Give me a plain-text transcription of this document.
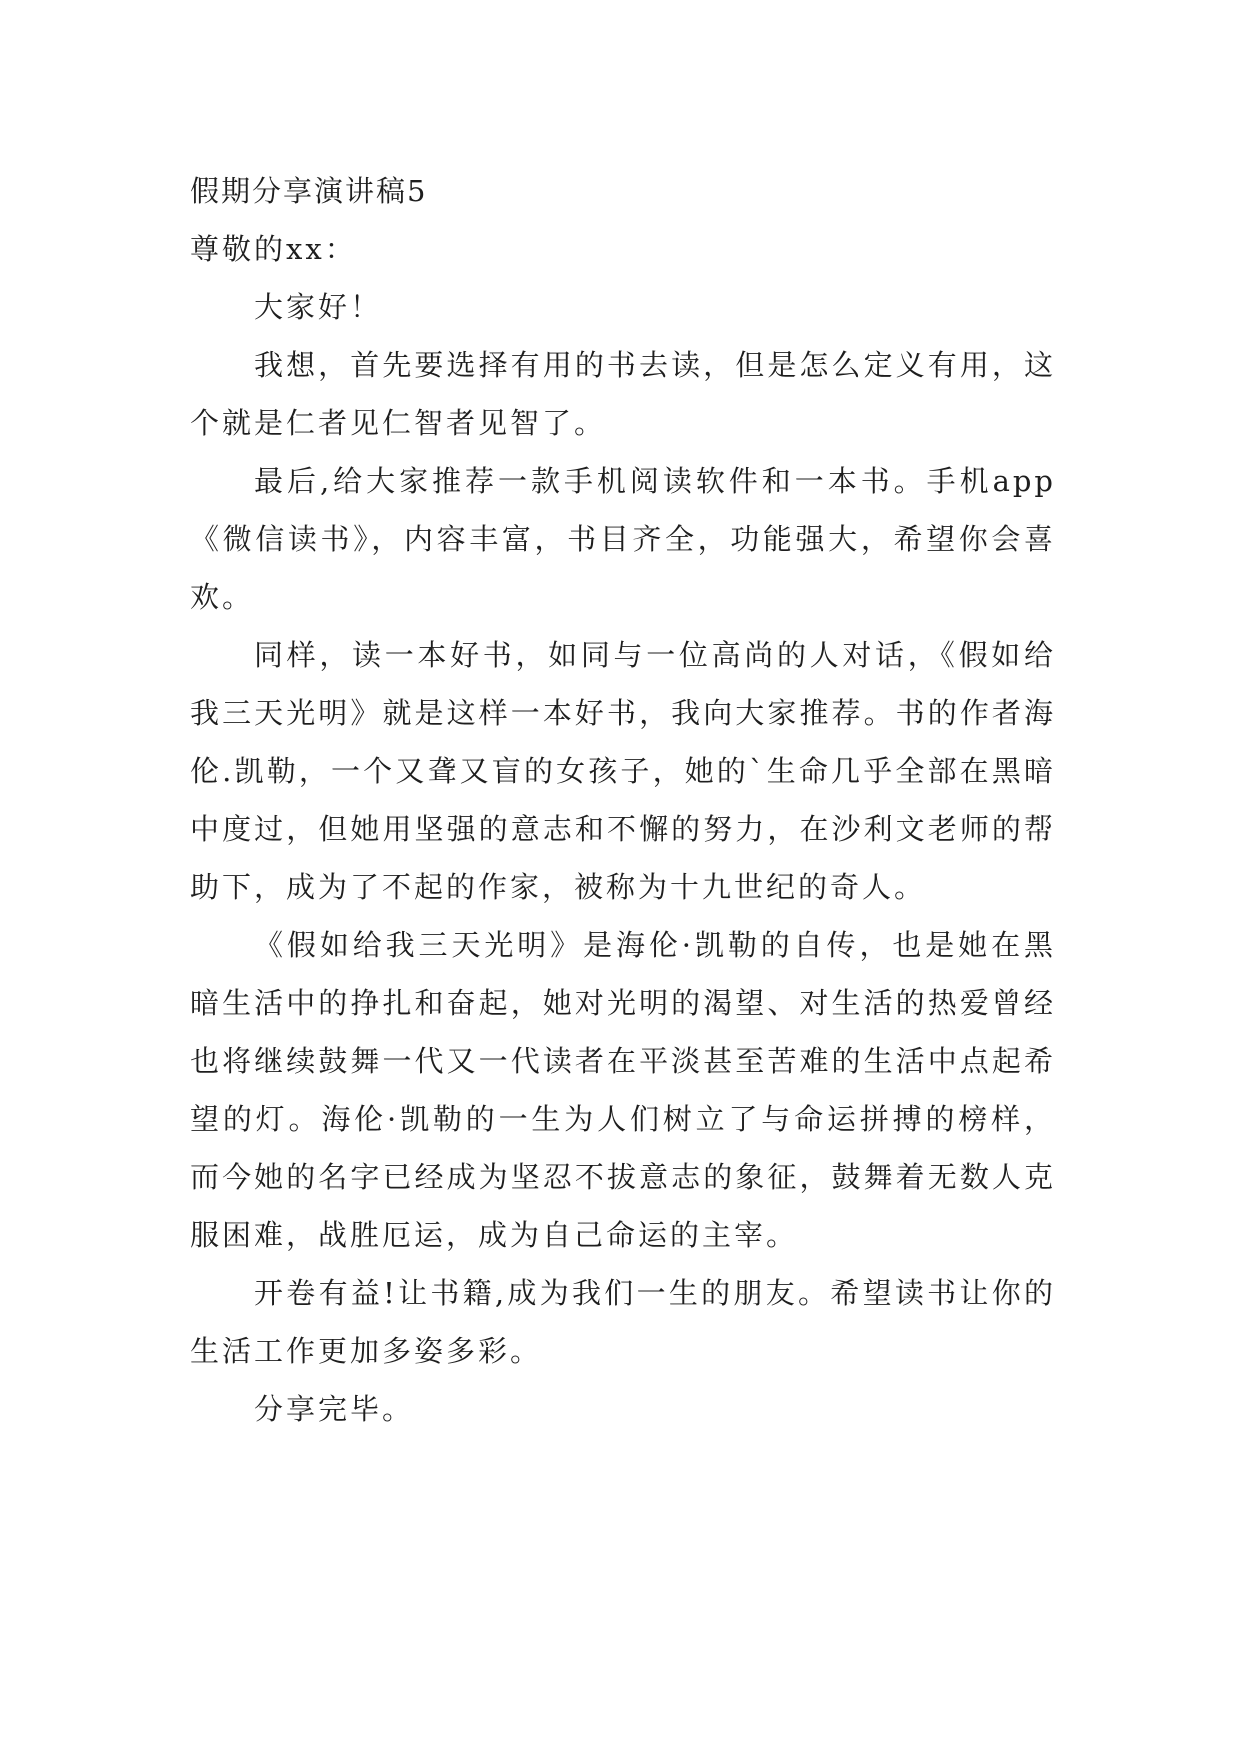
假期分享演讲稿5

尊敬的xx：

大家好！

我想，首先要选择有用的书去读，但是怎么定义有用，这个就是仁者见仁智者见智了。

最后,给大家推荐一款手机阅读软件和一本书。手机app《微信读书》，内容丰富，书目齐全，功能强大，希望你会喜欢。

同样，读一本好书，如同与一位高尚的人对话，《假如给我三天光明》就是这样一本好书，我向大家推荐。书的作者海伦.凯勒，一个又聋又盲的女孩子，她的`生命几乎全部在黑暗中度过，但她用坚强的意志和不懈的努力，在沙利文老师的帮助下，成为了不起的作家，被称为十九世纪的奇人。

《假如给我三天光明》是海伦·凯勒的自传，也是她在黑暗生活中的挣扎和奋起，她对光明的渴望、对生活的热爱曾经也将继续鼓舞一代又一代读者在平淡甚至苦难的生活中点起希望的灯。海伦·凯勒的一生为人们树立了与命运拼搏的榜样，而今她的名字已经成为坚忍不拔意志的象征，鼓舞着无数人克服困难，战胜厄运，成为自己命运的主宰。

开卷有益!让书籍,成为我们一生的朋友。希望读书让你的生活工作更加多姿多彩。

分享完毕。
